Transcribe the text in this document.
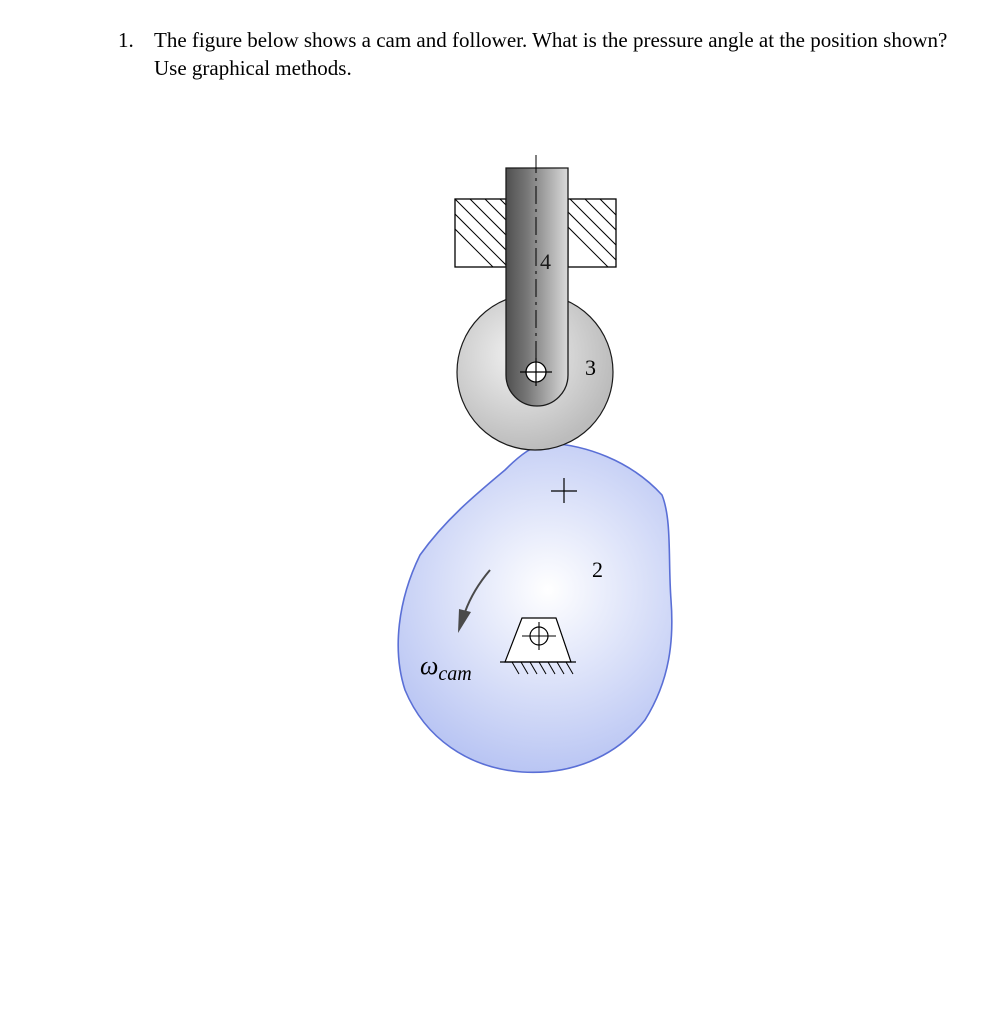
1. The figure below shows a cam and follower. What is the pressure angle at the position shown? Use graphical methods.
4
3
2
ωcam
